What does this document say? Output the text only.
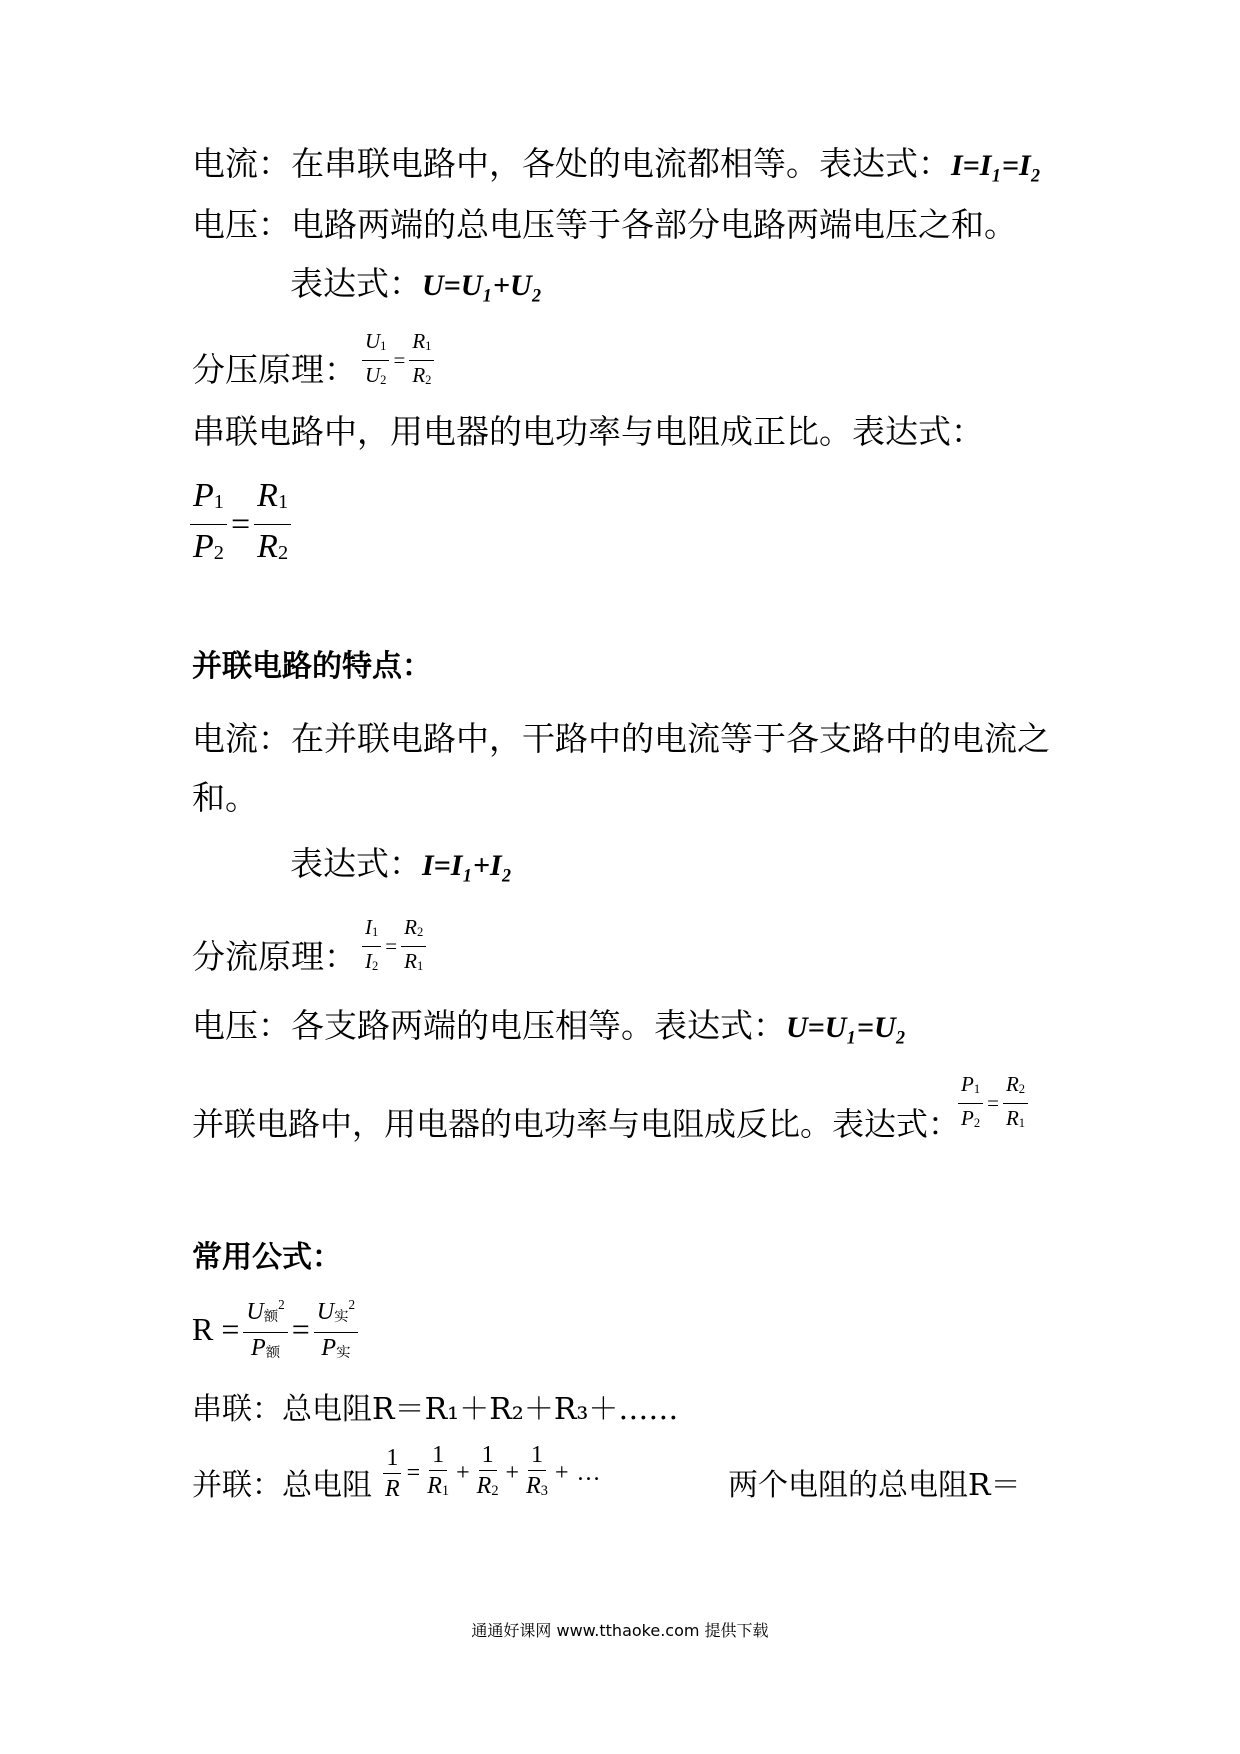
电流：在串联电路中，各处的电流都相等。表达式：I=I₁=I₂
电压：电路两端的总电压等于各部分电路两端电压之和。
表达式：U=U₁+U₂
分压原理： $\frac{U_1}{U_2} = \frac{R_1}{R_2}$
串联电路中，用电器的电功率与电阻成正比。表达式：
$\frac{P_1}{P_2} = \frac{R_1}{R_2}$
并联电路的特点：
电流：在并联电路中，干路中的电流等于各支路中的电流之
和。
表达式：I=I₁+I₂
分流原理： $\frac{I_1}{I_2} = \frac{R_2}{R_1}$
电压：各支路两端的电压相等。表达式：U=U₁=U₂
并联电路中，用电器的电功率与电阻成反比。表达式：
$\frac{P_1}{P_2} = \frac{R_2}{R_1}$
常用公式：
$R = \frac{U_额^2}{P_额} = \frac{U_实^2}{P_实}$
串联：总电阻R＝R₁＋R₂＋R₃＋……
并联：总电阻 $\frac{1}{R} = \frac{1}{R_1} + \frac{1}{R_2} + \frac{1}{R_3}$ + …	两个电阻的总电阻R＝
通通好课网 www.tthaoke.com 提供下载
